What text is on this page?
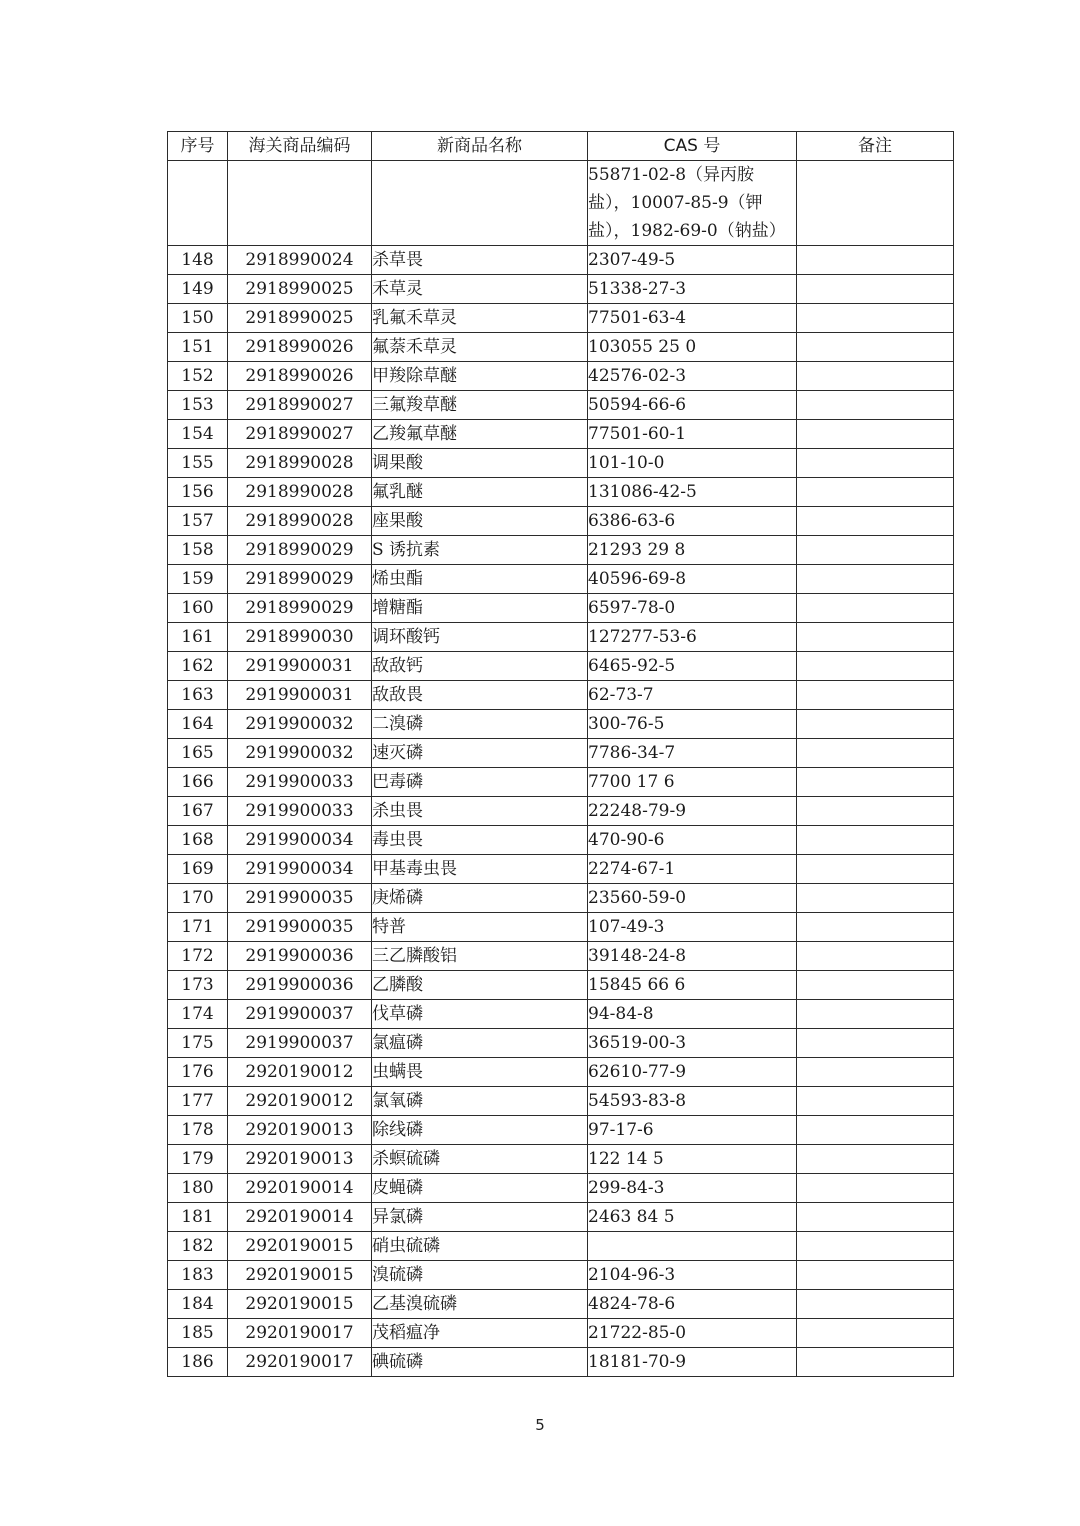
序号	海关商品编码	新商品名称	CAS 号	备注

			55871-02-8（异丙胺
盐），10007-85-9（钾
盐），1982-69-0（钠盐）	

148	2918990024	杀草畏	2307-49-5	
149	2918990025	禾草灵	51338-27-3	
150	2918990025	乳氟禾草灵	77501-63-4	
151	2918990026	氟萘禾草灵	103055 25 0	
152	2918990026	甲羧除草醚	42576-02-3	
153	2918990027	三氟羧草醚	50594-66-6	
154	2918990027	乙羧氟草醚	77501-60-1	
155	2918990028	调果酸	101-10-0	
156	2918990028	氟乳醚	131086-42-5	
157	2918990028	座果酸	6386-63-6	
158	2918990029	S 诱抗素	21293 29 8	
159	2918990029	烯虫酯	40596-69-8	
160	2918990029	增糖酯	6597-78-0	
161	2918990030	调环酸钙	127277-53-6	
162	2919900031	敌敌钙	6465-92-5	
163	2919900031	敌敌畏	62-73-7	
164	2919900032	二溴磷	300-76-5	
165	2919900032	速灭磷	7786-34-7	
166	2919900033	巴毒磷	7700 17 6	
167	2919900033	杀虫畏	22248-79-9	
168	2919900034	毒虫畏	470-90-6	
169	2919900034	甲基毒虫畏	2274-67-1	
170	2919900035	庚烯磷	23560-59-0	
171	2919900035	特普	107-49-3	
172	2919900036	三乙膦酸铝	39148-24-8	
173	2919900036	乙膦酸	15845 66 6	
174	2919900037	伐草磷	94-84-8	
175	2919900037	氯瘟磷	36519-00-3	
176	2920190012	虫螨畏	62610-77-9	
177	2920190012	氯氧磷	54593-83-8	
178	2920190013	除线磷	97-17-6	
179	2920190013	杀螟硫磷	122 14 5	
180	2920190014	皮蝇磷	299-84-3	
181	2920190014	异氯磷	2463 84 5	
182	2920190015	硝虫硫磷		
183	2920190015	溴硫磷	2104-96-3	
184	2920190015	乙基溴硫磷	4824-78-6	
185	2920190017	茂稻瘟净	21722-85-0	
186	2920190017	碘硫磷	18181-70-9	
5
